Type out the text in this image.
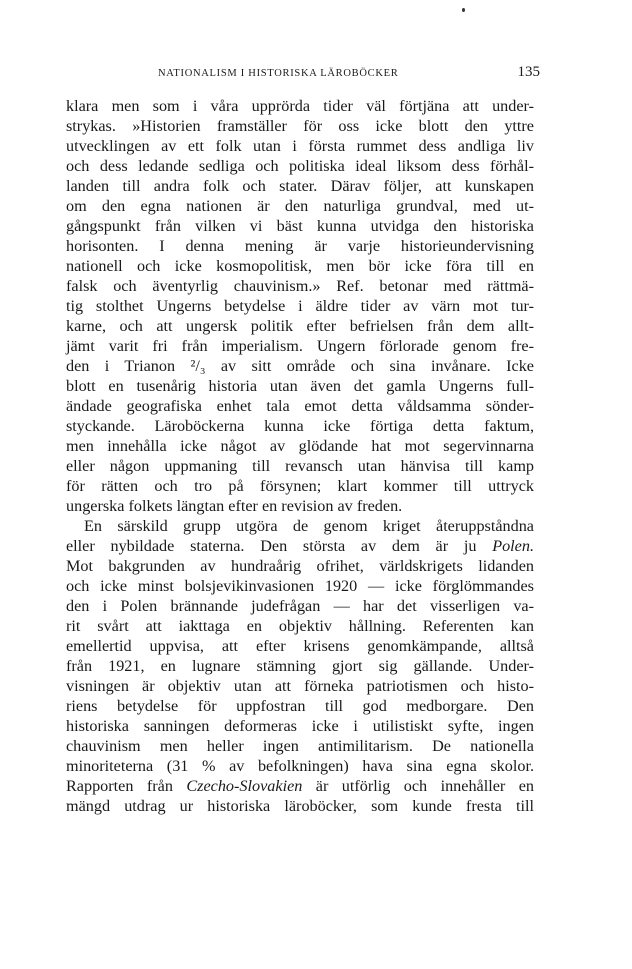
NATIONALISM I HISTORISKA LÄROBÖCKER	135
klara men som i våra upprörda tider väl förtjäna att under-
strykas. »Historien framställer för oss icke blott den yttre
utvecklingen av ett folk utan i första rummet dess andliga liv
och dess ledande sedliga och politiska ideal liksom dess förhål-
landen till andra folk och stater. Därav följer, att kunskapen
om den egna nationen är den naturliga grundval, med ut-
gångspunkt från vilken vi bäst kunna utvidga den historiska
horisonten. I denna mening är varje historieundervisning
nationell och icke kosmopolitisk, men bör icke föra till en
falsk och äventyrlig chauvinism.» Ref. betonar med rättmä-
tig stolthet Ungerns betydelse i äldre tider av värn mot tur-
karne, och att ungersk politik efter befrielsen från dem allt-
jämt varit fri från imperialism. Ungern förlorade genom fre-
den i Trianon ²/₃ av sitt område och sina invånare. Icke
blott en tusenårig historia utan även det gamla Ungerns full-
ändade geografiska enhet tala emot detta våldsamma sönder-
styckande. Läroböckerna kunna icke förtiga detta faktum,
men innehålla icke något av glödande hat mot segervinnarna
eller någon uppmaning till revansch utan hänvisa till kamp
för rätten och tro på försynen; klart kommer till uttryck
ungerska folkets längtan efter en revision av freden.
En särskild grupp utgöra de genom kriget återuppståndna
eller nybildade staterna. Den största av dem är ju Polen.
Mot bakgrunden av hundraårig ofrihet, världskrigets lidanden
och icke minst bolsjevikinvasionen 1920 — icke förglömmandes
den i Polen brännande judefrågan — har det visserligen va-
rit svårt att iakttaga en objektiv hållning. Referenten kan
emellertid uppvisa, att efter krisens genomkämpande, alltså
från 1921, en lugnare stämning gjort sig gällande. Under-
visningen är objektiv utan att förneka patriotismen och histo-
riens betydelse för uppfostran till god medborgare. Den
historiska sanningen deformeras icke i utilistiskt syfte, ingen
chauvinism men heller ingen antimilitarism. De nationella
minoriteterna (31 % av befolkningen) hava sina egna skolor.
Rapporten från Czecho-Slovakien är utförlig och innehåller en
mängd utdrag ur historiska läroböcker, som kunde fresta till
